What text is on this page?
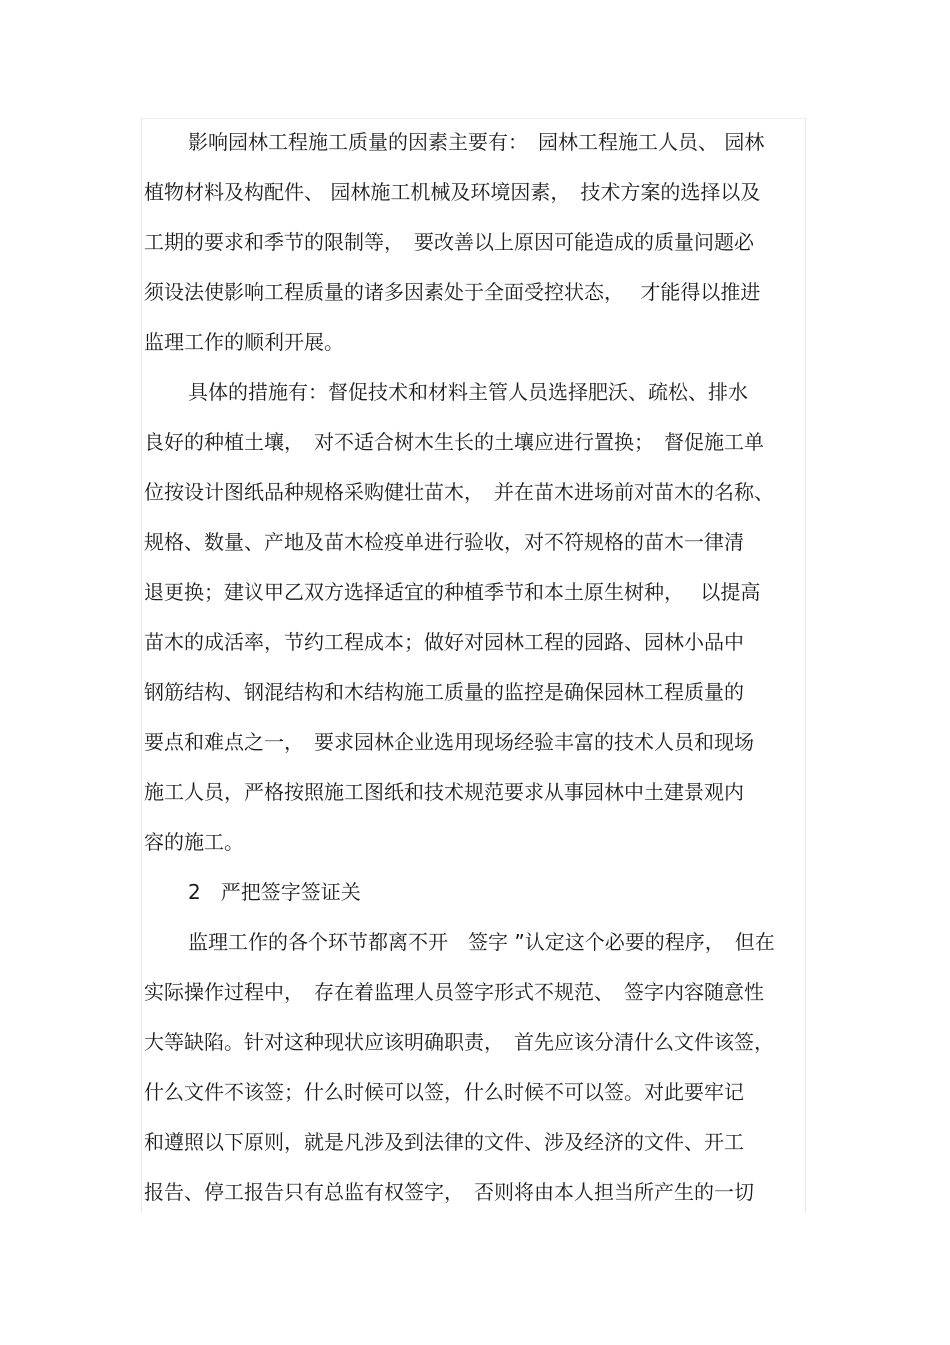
影响园林工程施工质量的因素主要有：　园林工程施工人员、 园林
植物材料及构配件、 园林施工机械及环境因素，　技术方案的选择以及
工期的要求和季节的限制等，　要改善以上原因可能造成的质量问题必
须设法使影响工程质量的诸多因素处于全面受控状态，　 才能得以推进
监理工作的顺利开展。
具体的措施有：督促技术和材料主管人员选择肥沃、疏松、排水
良好的种植土壤，　对不适合树木生长的土壤应进行置换；　督促施工单
位按设计图纸品种规格采购健壮苗木，　并在苗木进场前对苗木的名称、
规格、数量、产地及苗木检疫单进行验收，对不符规格的苗木一律清
退更换；建议甲乙双方选择适宜的种植季节和本土原生树种，　 以提高
苗木的成活率，节约工程成本；做好对园林工程的园路、园林小品中
钢筋结构、钢混结构和木结构施工质量的监控是确保园林工程质量的
要点和难点之一，　要求园林企业选用现场经验丰富的技术人员和现场
施工人员，严格按照施工图纸和技术规范要求从事园林中土建景观内
容的施工。
2　严把签字签证关
监理工作的各个环节都离不开　签字 ”认定这个必要的程序，　但在
实际操作过程中，　存在着监理人员签字形式不规范、　签字内容随意性
大等缺陷。针对这种现状应该明确职责，　首先应该分清什么文件该签，
什么文件不该签；什么时候可以签，什么时候不可以签。对此要牢记
和遵照以下原则，就是凡涉及到法律的文件、涉及经济的文件、开工
报告、停工报告只有总监有权签字，　否则将由本人担当所产生的一切
